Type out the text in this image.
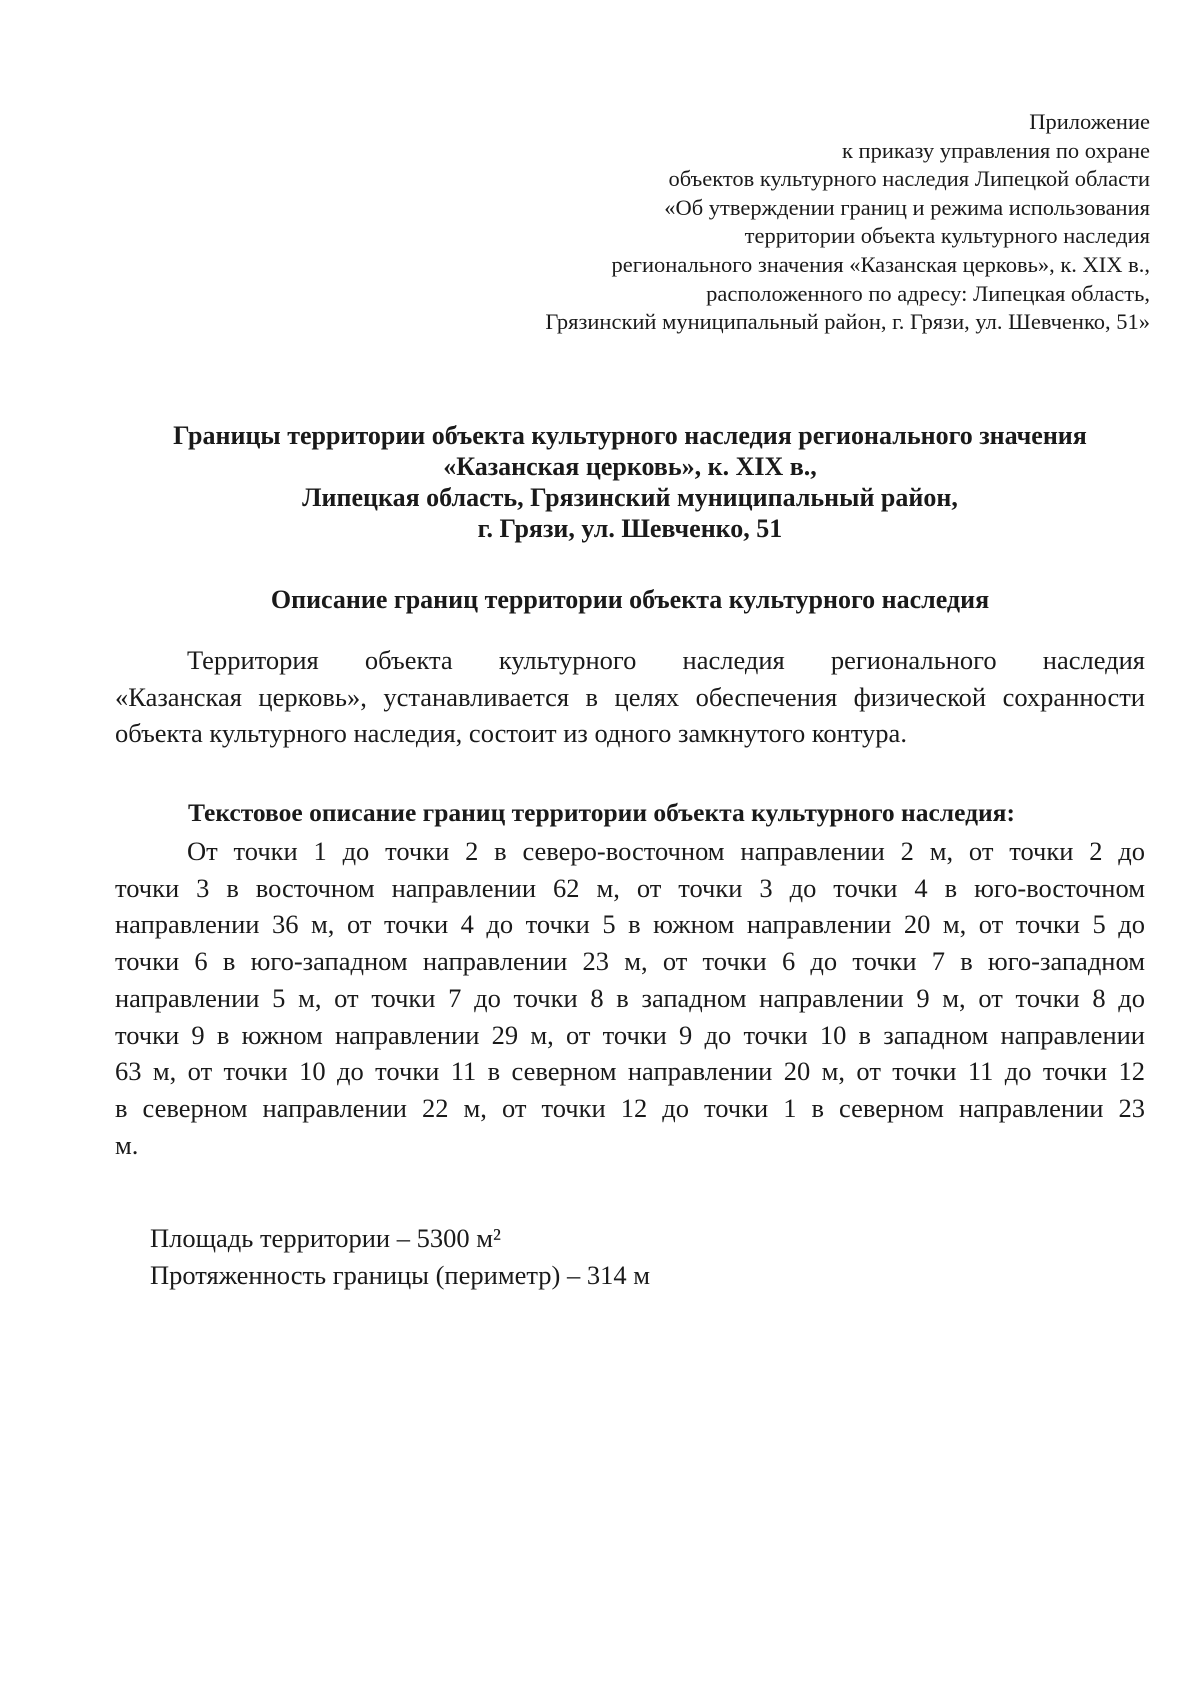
Приложение
к приказу управления по охране
объектов культурного наследия Липецкой области
«Об утверждении границ и режима использования
территории объекта культурного наследия
регионального значения «Казанская церковь», к. XIX в.,
расположенного по адресу: Липецкая область,
Грязинский муниципальный район, г. Грязи, ул. Шевченко, 51»
Границы территории объекта культурного наследия регионального значения
«Казанская церковь», к. XIX в.,
Липецкая область, Грязинский муниципальный район,
г. Грязи, ул. Шевченко, 51
Описание границ территории объекта культурного наследия
Территория объекта культурного наследия регионального наследия
«Казанская церковь», устанавливается в целях обеспечения физической сохранности
объекта культурного наследия, состоит из одного замкнутого контура.
Текстовое описание границ территории объекта культурного наследия:
От точки 1 до точки 2 в северо-восточном направлении 2 м, от точки 2 до
точки 3 в восточном направлении 62 м, от точки 3 до точки 4 в юго-восточном
направлении 36 м, от точки 4 до точки 5 в южном направлении 20 м, от точки 5 до
точки 6 в юго-западном направлении 23 м, от точки 6 до точки 7 в юго-западном
направлении 5 м, от точки 7 до точки 8 в западном направлении 9 м, от точки 8 до
точки 9 в южном направлении 29 м, от точки 9 до точки 10 в западном направлении
63 м, от точки 10 до точки 11 в северном направлении 20 м, от точки 11 до точки 12
в северном направлении 22 м, от точки 12 до точки 1 в северном направлении 23
м.
Площадь территории – 5300 м²
Протяженность границы (периметр) – 314 м
